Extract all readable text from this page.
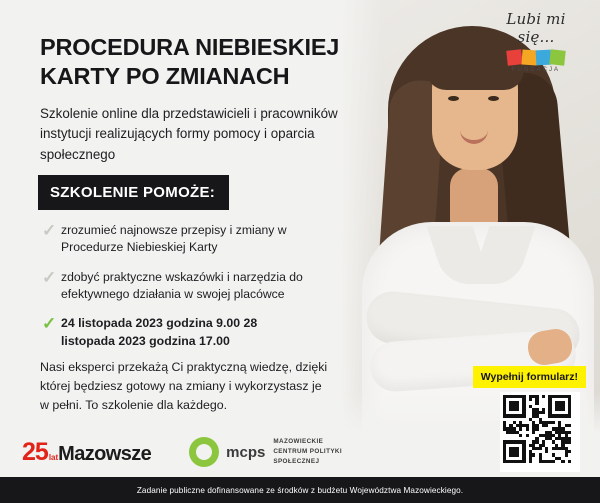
Lubi mi się...
FUNDACJA
PROCEDURA NIEBIESKIEJ KARTY PO ZMIANACH
Szkolenie online dla przedstawicieli i pracowników instytucji realizujących formy pomocy i oparcia społecznego
SZKOLENIE POMOŻE:
✓ zrozumieć najnowsze przepisy i zmiany w Procedurze Niebieskiej Karty
✓ zdobyć praktyczne wskazówki i narzędzia do efektywnego działania w swojej placówce
✓ 24 listopada 2023 godzina 9.00 28 listopada 2023 godzina 17.00
Nasi eksperci przekażą Ci praktyczną wiedzę, dzięki której będziesz gotowy na zmiany i wykorzystasz je w pełni. To szkolenie dla każdego.
Wypełnij formularz!
25 lat Mazowsze	mcps
MAZOWIECKIE
CENTRUM POLITYKI
SPOŁECZNEJ
Zadanie publiczne dofinansowane ze środków z budżetu Województwa Mazowieckiego.
